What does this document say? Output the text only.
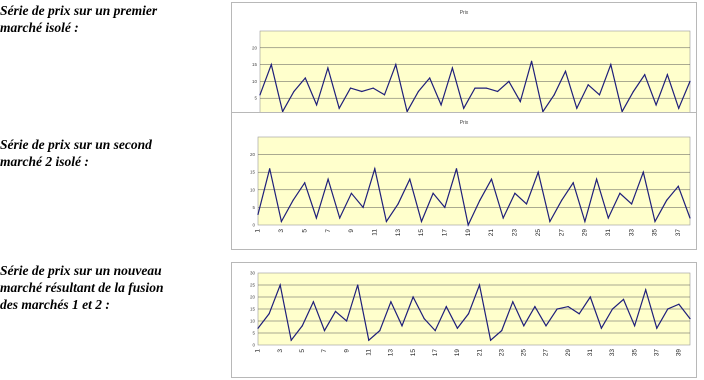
Série de prix sur un premier
marché isolé :
Série de prix sur un second
marché 2 isolé :
Série de prix sur un nouveau
marché résultant de la fusion
des marchés 1 et 2 :
Prix
5
10
15
20
Prix
0
5
10
15
20
1	3	5	7	9	11	13	15	17	19	21	23	25	27	29	31	33	35	37
0
5
10
15
20
25
30
1 3 5 7 9 11 13 15 17 19 21 23 25 27 29 31 33 35 37 39
